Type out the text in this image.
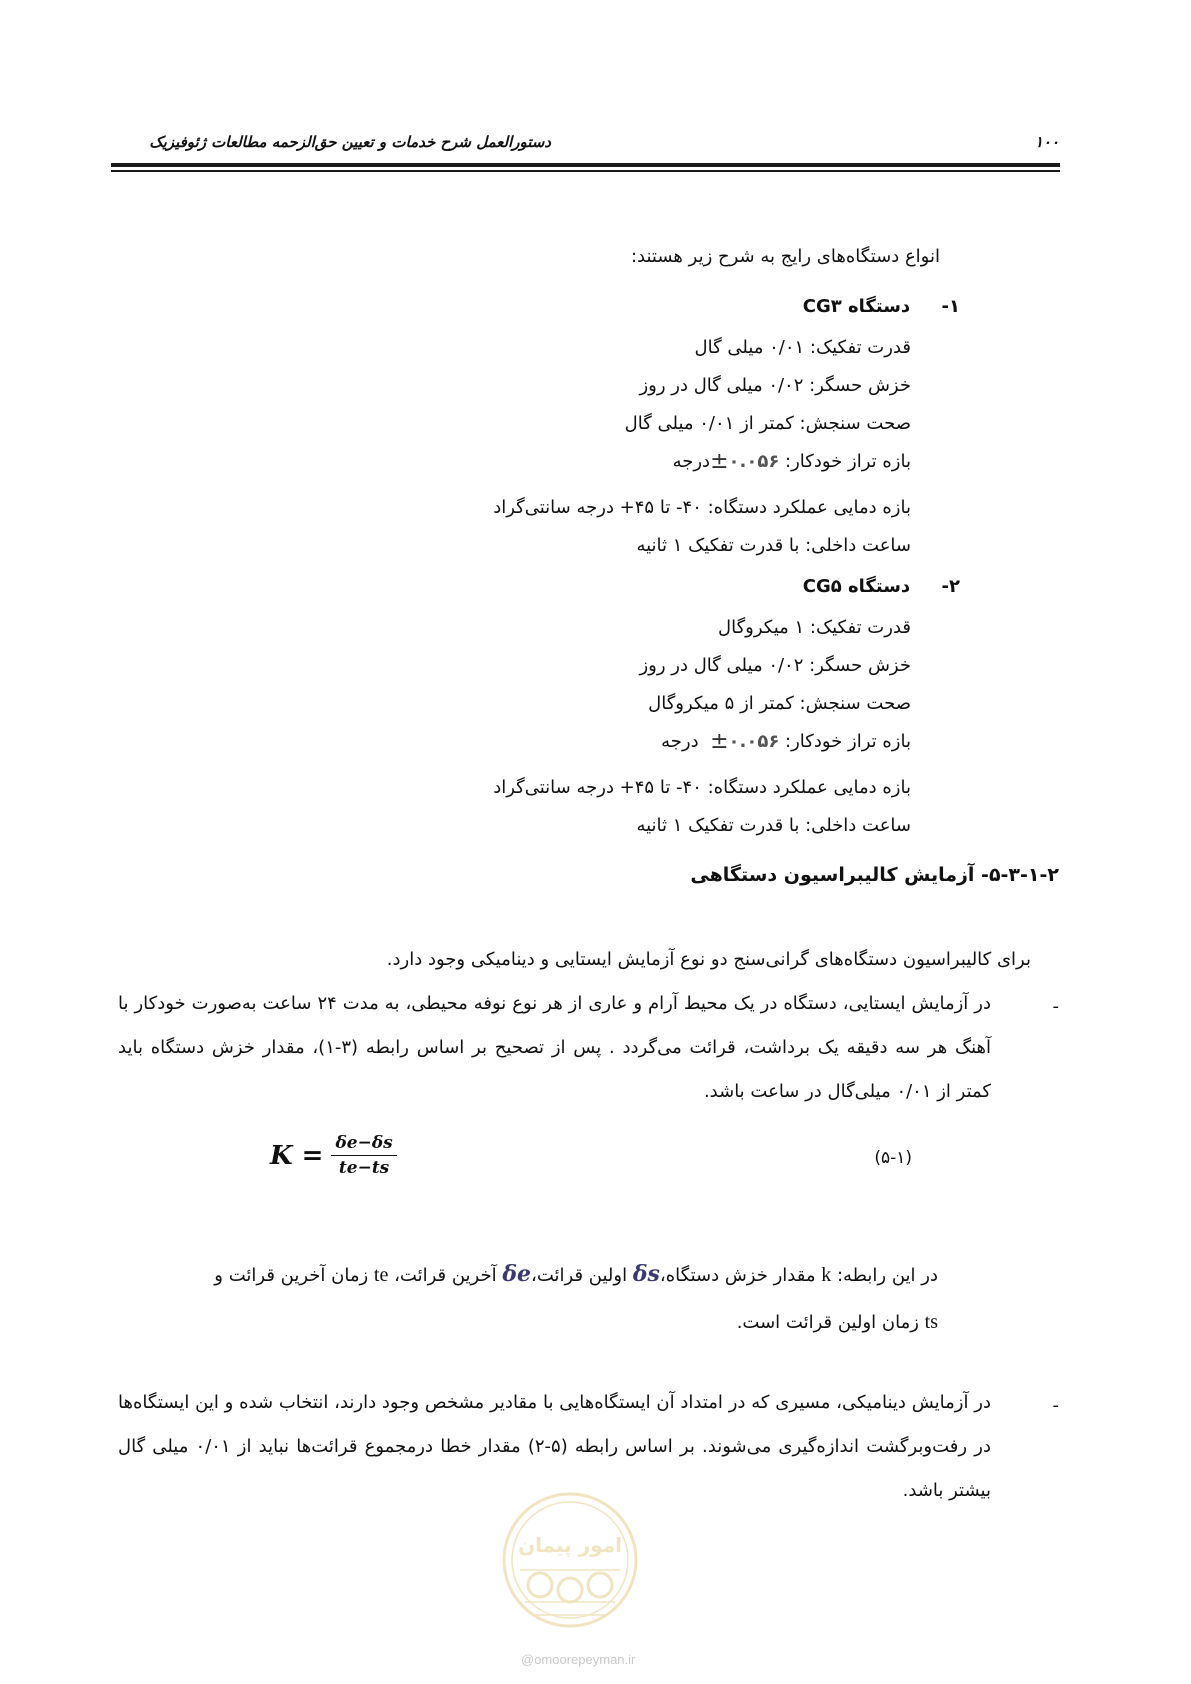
دستورالعمل شرح خدمات و تعیین حق‌الزحمه مطالعات ژئوفیزیک	۱۰۰
انواع دستگاه‌های رایج به شرح زیر هستند:
۱-     دستگاه CG۳
قدرت تفکیک: ۰/۰۱ میلی گال
خزش حسگر: ۰/۰۲ میلی گال در روز
صحت سنجش: کمتر از ۰/۰۱ میلی گال
بازه تراز خودکار: ۰.۰۵۶±درجه
بازه دمایی عملکرد دستگاه: ۴۰- تا ۴۵+ درجه سانتی‌گراد
ساعت داخلی: با قدرت تفکیک ۱ ثانیه
۲-     دستگاه CG۵
قدرت تفکیک: ۱ میکروگال
خزش حسگر: ۰/۰۲ میلی گال در روز
صحت سنجش: کمتر از ۵ میکروگال
بازه تراز خودکار: ۰.۰۵۶±  درجه
بازه دمایی عملکرد دستگاه: ۴۰- تا ۴۵+ درجه سانتی‌گراد
ساعت داخلی: با قدرت تفکیک ۱ ثانیه
۵-۳-۱-۲- آزمایش کالیبراسیون دستگاهی
برای کالیبراسیون دستگاه‌های گرانی‌سنج دو نوع آزمایش ایستایی و دینامیکی وجود دارد.
-
در آزمایش ایستایی، دستگاه در یک محیط آرام و عاری از هر نوع نوفه محیطی، به مدت ۲۴ ساعت به‌صورت خودکار با آهنگ هر سه دقیقه یک برداشت، قرائت می‌گردد . پس از تصحیح بر اساس رابطه (۳-۱)، مقدار خزش دستگاه باید کمتر از ۰/۰۱ میلی‌گال در ساعت باشد.
$K = \frac{\delta e-\delta s}{te-ts}$	(۵-۱)
در این رابطه: k مقدار خزش دستگاه،δs اولین قرائت،δe آخرین قرائت، te زمان آخرین قرائت و
ts زمان اولین قرائت است.
-
در آزمایش دینامیکی، مسیری که در امتداد آن ایستگاه‌هایی با مقادیر مشخص وجود دارند، انتخاب شده و این ایستگاه‌ها در رفت‌وبرگشت اندازه‌گیری می‌شوند. بر اساس رابطه (۵-۲) مقدار خطا درمجموع قرائت‌ها نباید از ۰/۰۱ میلی گال بیشتر باشد.
امور پیمان
@omoorepeyman.ir
